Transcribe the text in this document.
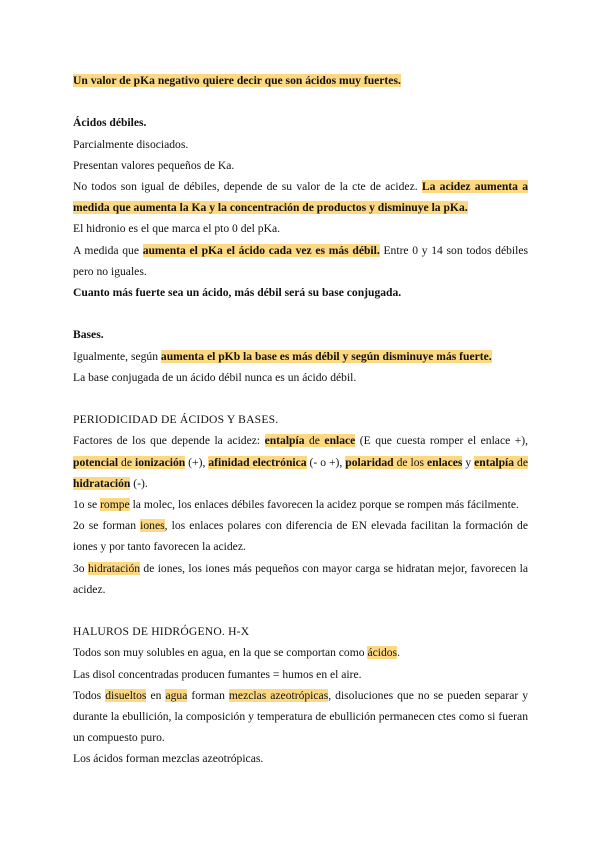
Un valor de pKa negativo quiere decir que son ácidos muy fuertes.

Ácidos débiles.

Parcialmente disociados.

Presentan valores pequeños de Ka.

No todos son igual de débiles, depende de su valor de la cte de acidez. La acidez aumenta a medida que aumenta la Ka y la concentración de productos y disminuye la pKa.

El hidronio es el que marca el pto 0 del pKa.

A medida que aumenta el pKa el ácido cada vez es más débil. Entre 0 y 14 son todos débiles pero no iguales.

Cuanto más fuerte sea un ácido, más débil será su base conjugada.

Bases.

Igualmente, según aumenta el pKb la base es más débil y según disminuye más fuerte.

La base conjugada de un ácido débil nunca es un ácido débil.

PERIODICIDAD DE ÁCIDOS Y BASES.

Factores de los que depende la acidez: entalpía de enlace (E que cuesta romper el enlace +), potencial de ionización (+), afinidad electrónica (- o +), polaridad de los enlaces y entalpía de hidratación (-).

1o se rompe la molec, los enlaces débiles favorecen la acidez porque se rompen más fácilmente.

2o se forman iones, los enlaces polares con diferencia de EN elevada facilitan la formación de iones y por tanto favorecen la acidez.

3o hidratación de iones, los iones más pequeños con mayor carga se hidratan mejor, favorecen la acidez.

HALUROS DE HIDRÓGENO. H-X

Todos son muy solubles en agua, en la que se comportan como ácidos.

Las disol concentradas producen fumantes = humos en el aire.

Todos disueltos en agua forman mezclas azeotrópicas, disoluciones que no se pueden separar y durante la ebullición, la composición y temperatura de ebullición permanecen ctes como si fueran un compuesto puro.

Los ácidos forman mezclas azeotrópicas.
